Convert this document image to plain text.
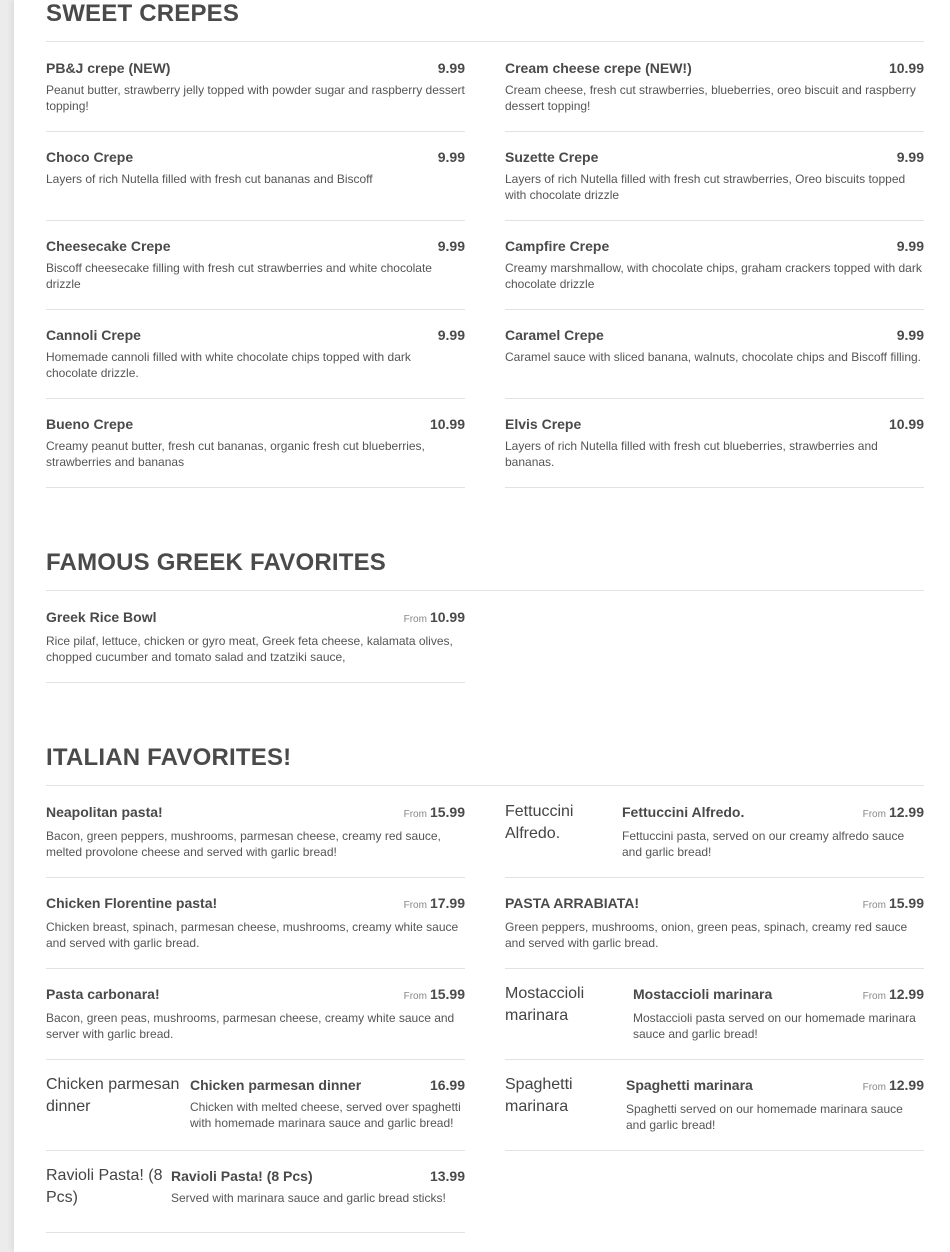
SWEET CREPES
PB&J crepe (NEW)	9.99
Peanut butter, strawberry jelly topped with powder sugar and raspberry dessert topping!
Cream cheese crepe (NEW!)	10.99
Cream cheese, fresh cut strawberries, blueberries, oreo biscuit and raspberry dessert topping!
Choco Crepe	9.99
Layers of rich Nutella filled with fresh cut bananas and Biscoff
Suzette Crepe	9.99
Layers of rich Nutella filled with fresh cut strawberries, Oreo biscuits topped with chocolate drizzle
Cheesecake Crepe	9.99
Biscoff cheesecake filling with fresh cut strawberries and white chocolate drizzle
Campfire Crepe	9.99
Creamy marshmallow, with chocolate chips, graham crackers topped with dark chocolate drizzle
Cannoli Crepe	9.99
Homemade cannoli filled with white chocolate chips topped with dark chocolate drizzle.
Caramel Crepe	9.99
Caramel sauce with sliced banana, walnuts, chocolate chips and Biscoff filling.
Bueno Crepe	10.99
Creamy peanut butter, fresh cut bananas, organic fresh cut blueberries, strawberries and bananas
Elvis Crepe	10.99
Layers of rich Nutella filled with fresh cut blueberries, strawberries and bananas.
FAMOUS GREEK FAVORITES
Greek Rice Bowl	From 10.99
Rice pilaf, lettuce, chicken or gyro meat, Greek feta cheese, kalamata olives, chopped cucumber and tomato salad and tzatziki sauce,
ITALIAN FAVORITES!
Neapolitan pasta!	From 15.99
Bacon, green peppers, mushrooms, parmesan cheese, creamy red sauce, melted provolone cheese and served with garlic bread!
Fettuccini Alfredo.
Fettuccini Alfredo.	From 12.99
Fettuccini pasta, served on our creamy alfredo sauce and garlic bread!
Chicken Florentine pasta!	From 17.99
Chicken breast, spinach, parmesan cheese, mushrooms, creamy white sauce and served with garlic bread.
PASTA ARRABIATA!	From 15.99
Green peppers, mushrooms, onion, green peas, spinach, creamy red sauce and served with garlic bread.
Pasta carbonara!	From 15.99
Bacon, green peas, mushrooms, parmesan cheese, creamy white sauce and server with garlic bread.
Mostaccioli marinara
Mostaccioli marinara	From 12.99
Mostaccioli pasta served on our homemade marinara sauce and garlic bread!
Chicken parmesan dinner
Chicken parmesan dinner	16.99
Chicken with melted cheese, served over spaghetti with homemade marinara sauce and garlic bread!
Spaghetti marinara
Spaghetti marinara	From 12.99
Spaghetti served on our homemade marinara sauce and garlic bread!
Ravioli Pasta! (8 Pcs)
Ravioli Pasta! (8 Pcs)	13.99
Served with marinara sauce and garlic bread sticks!
